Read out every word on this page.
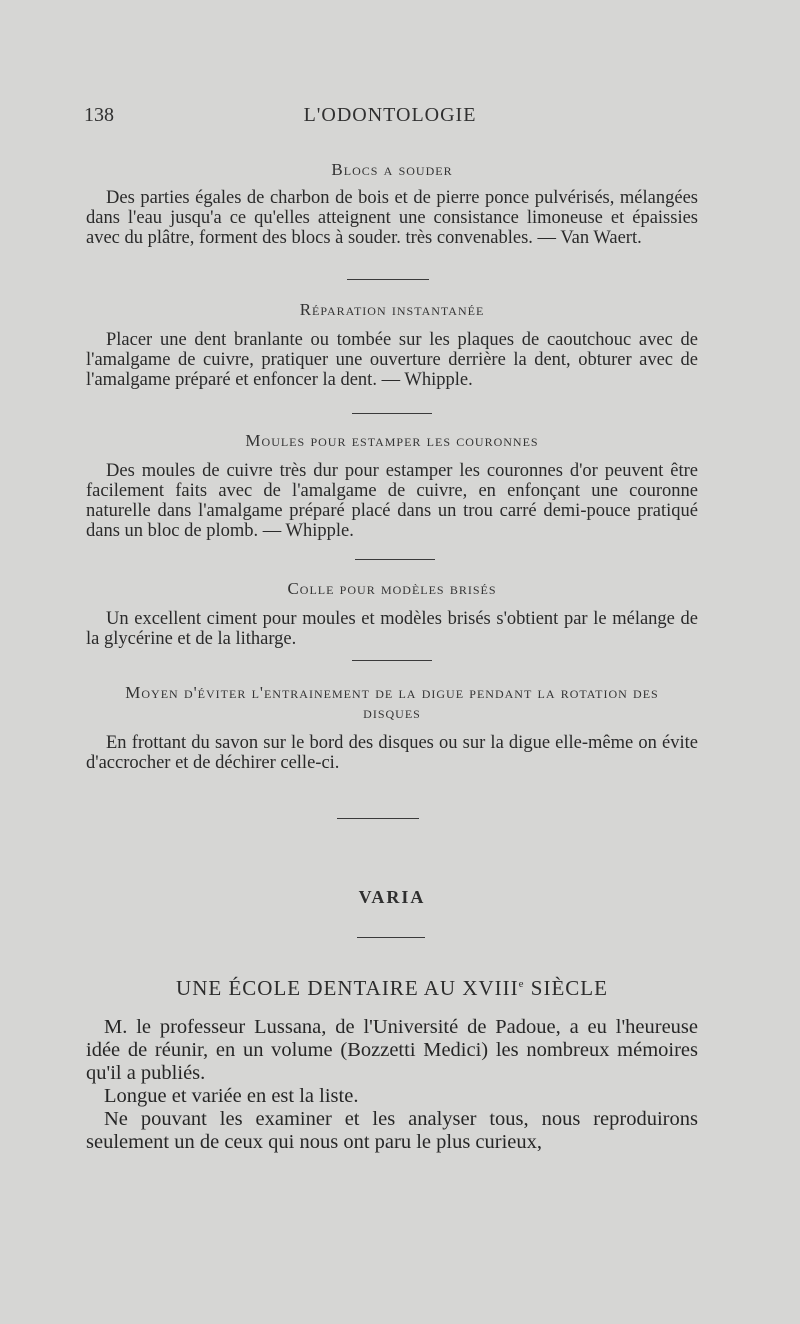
138	L'ODONTOLOGIE
Blocs a souder
Des parties égales de charbon de bois et de pierre ponce pulvérisés, mélangées dans l'eau jusqu'a ce qu'elles atteignent une consistance limoneuse et épaissies avec du plâtre, forment des blocs à souder. très convenables. — Van Waert.
Réparation instantanée
Placer une dent branlante ou tombée sur les plaques de caoutchouc avec de l'amalgame de cuivre, pratiquer une ouverture derrière la dent, obturer avec de l'amalgame préparé et enfoncer la dent. — Whipple.
Moules pour estamper les couronnes
Des moules de cuivre très dur pour estamper les couronnes d'or peuvent être facilement faits avec de l'amalgame de cuivre, en enfonçant une couronne naturelle dans l'amalgame préparé placé dans un trou carré demi-pouce pratiqué dans un bloc de plomb. — Whipple.
Colle pour modèles brisés
Un excellent ciment pour moules et modèles brisés s'obtient par le mélange de la glycérine et de la litharge.
Moyen d'éviter l'entrainement de la digue pendant la rotation des disques
En frottant du savon sur le bord des disques ou sur la digue elle-même on évite d'accrocher et de déchirer celle-ci.
VARIA
UNE ÉCOLE DENTAIRE AU XVIIIe SIÈCLE
M. le professeur Lussana, de l'Université de Padoue, a eu l'heureuse idée de réunir, en un volume (Bozzetti Medici) les nombreux mémoires qu'il a publiés.
Longue et variée en est la liste.
Ne pouvant les examiner et les analyser tous, nous reproduirons seulement un de ceux qui nous ont paru le plus curieux,
